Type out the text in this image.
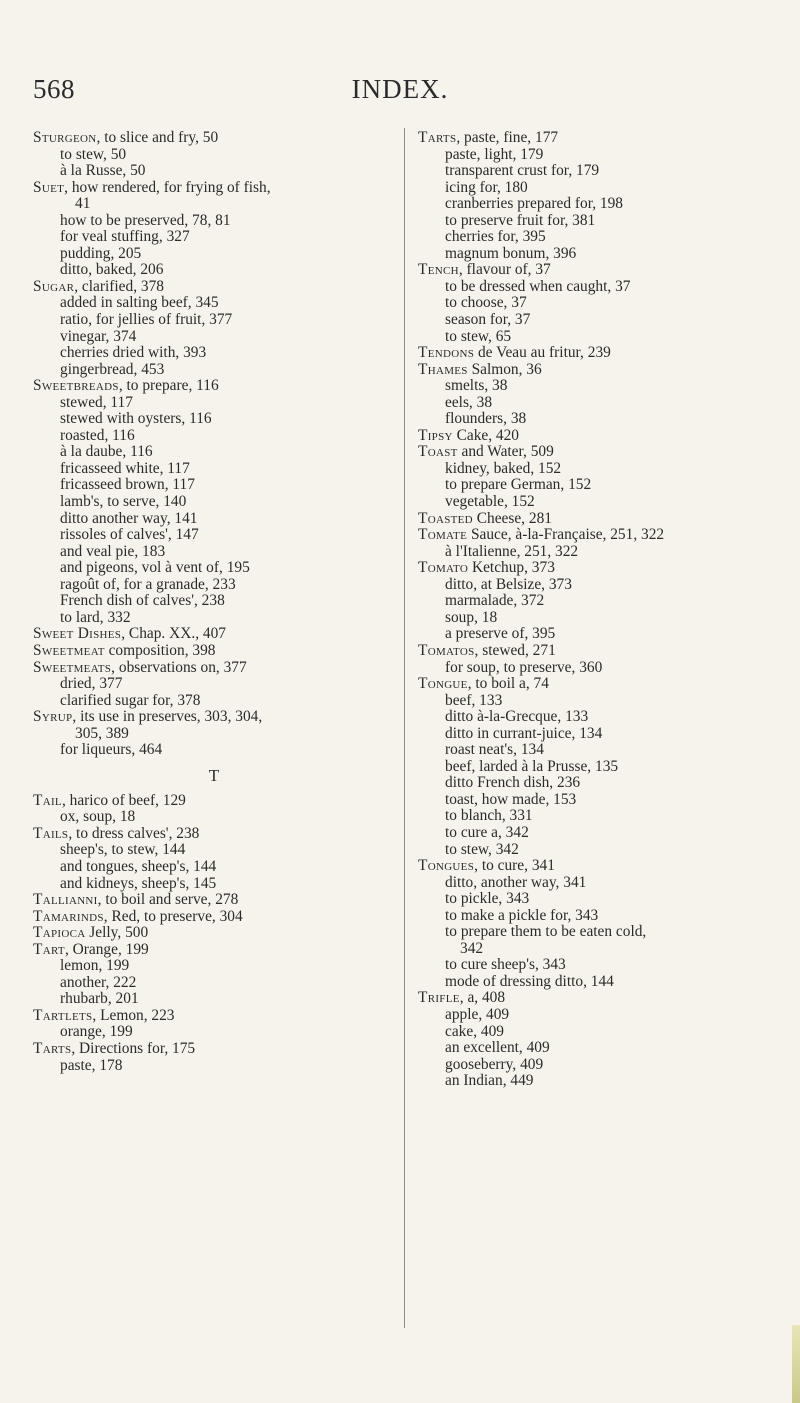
568	INDEX.
Sturgeon, to slice and fry, 50
to stew, 50
à la Russe, 50
Suet, how rendered, for frying of fish,
41
how to be preserved, 78, 81
for veal stuffing, 327
pudding, 205
ditto, baked, 206
Sugar, clarified, 378
added in salting beef, 345
ratio, for jellies of fruit, 377
vinegar, 374
cherries dried with, 393
gingerbread, 453
Sweetbreads, to prepare, 116
stewed, 117
stewed with oysters, 116
roasted, 116
à la daube, 116
fricasseed white, 117
fricasseed brown, 117
lamb's, to serve, 140
ditto another way, 141
rissoles of calves', 147
and veal pie, 183
and pigeons, vol à vent of, 195
ragoût of, for a granade, 233
French dish of calves', 238
to lard, 332
Sweet Dishes, Chap. XX., 407
Sweetmeat composition, 398
Sweetmeats, observations on, 377
dried, 377
clarified sugar for, 378
Syrup, its use in preserves, 303, 304,
305, 389
for liqueurs, 464
T
Tail, harico of beef, 129
ox, soup, 18
Tails, to dress calves', 238
sheep's, to stew, 144
and tongues, sheep's, 144
and kidneys, sheep's, 145
Tallianni, to boil and serve, 278
Tamarinds, Red, to preserve, 304
Tapioca Jelly, 500
Tart, Orange, 199
lemon, 199
another, 222
rhubarb, 201
Tartlets, Lemon, 223
orange, 199
Tarts, Directions for, 175
paste, 178
Tarts, paste, fine, 177
paste, light, 179
transparent crust for, 179
icing for, 180
cranberries prepared for, 198
to preserve fruit for, 381
cherries for, 395
magnum bonum, 396
Tench, flavour of, 37
to be dressed when caught, 37
to choose, 37
season for, 37
to stew, 65
Tendons de Veau au fritur, 239
Thames Salmon, 36
smelts, 38
eels, 38
flounders, 38
Tipsy Cake, 420
Toast and Water, 509
kidney, baked, 152
to prepare German, 152
vegetable, 152
Toasted Cheese, 281
Tomate Sauce, à-la-Française, 251, 322
à l'Italienne, 251, 322
Tomato Ketchup, 373
ditto, at Belsize, 373
marmalade, 372
soup, 18
a preserve of, 395
Tomatos, stewed, 271
for soup, to preserve, 360
Tongue, to boil a, 74
beef, 133
ditto à-la-Grecque, 133
ditto in currant-juice, 134
roast neat's, 134
beef, larded à la Prusse, 135
ditto French dish, 236
toast, how made, 153
to blanch, 331
to cure a, 342
to stew, 342
Tongues, to cure, 341
ditto, another way, 341
to pickle, 343
to make a pickle for, 343
to prepare them to be eaten cold,
342
to cure sheep's, 343
mode of dressing ditto, 144
Trifle, a, 408
apple, 409
cake, 409
an excellent, 409
gooseberry, 409
an Indian, 449
